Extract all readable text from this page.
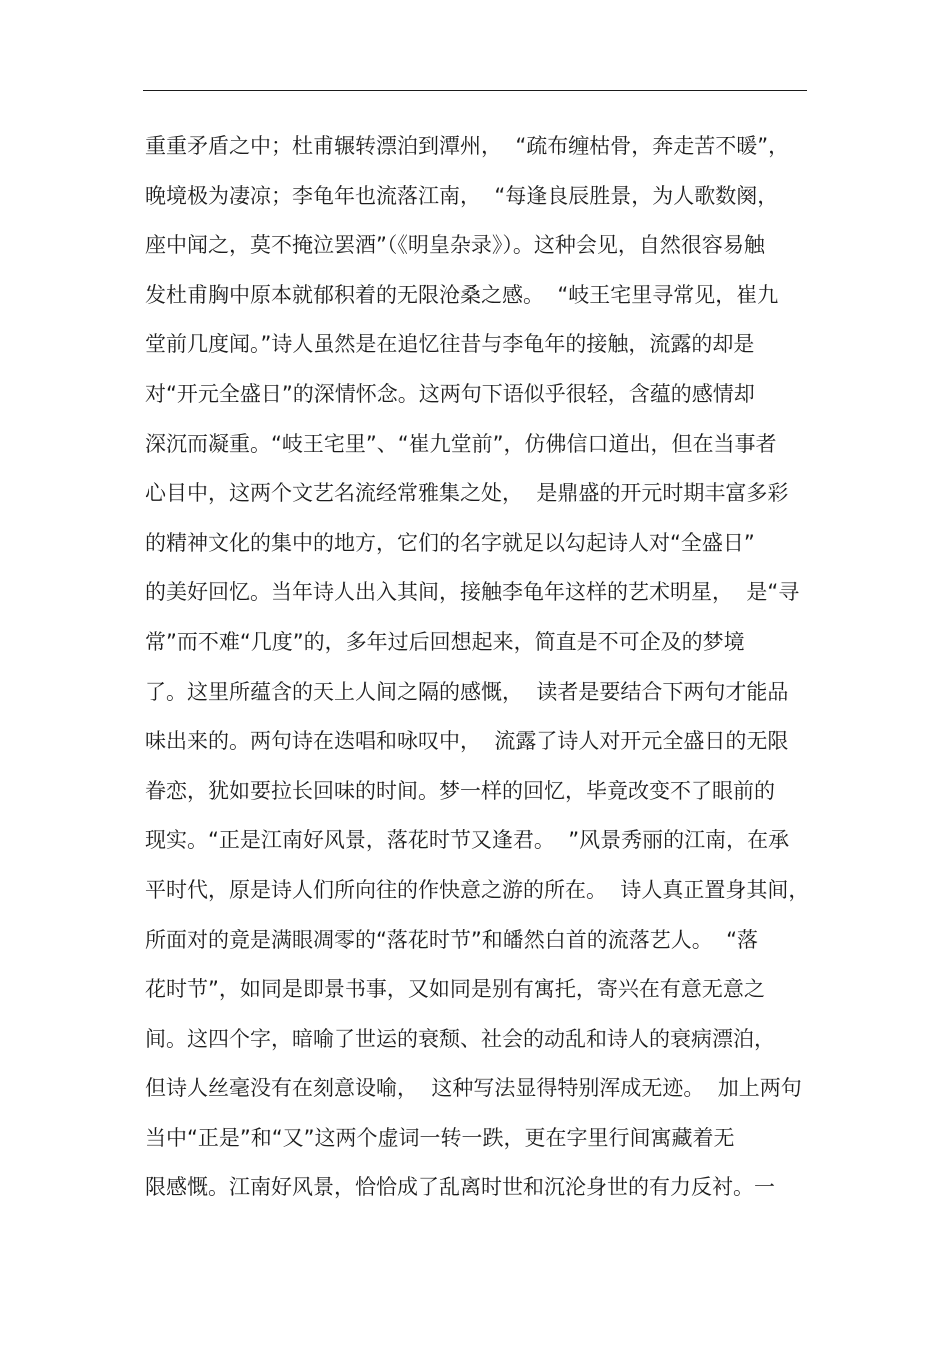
重重矛盾之中；杜甫辗转漂泊到潭州，  “疏布缠枯骨，奔走苦不暖”，
晚境极为凄凉；李龟年也流落江南，  “每逢良辰胜景，为人歌数阕，
座中闻之，莫不掩泣罢酒”（《明皇杂录》）。这种会见，自然很容易触
发杜甫胸中原本就郁积着的无限沧桑之感。  “岐王宅里寻常见，崔九
堂前几度闻。”诗人虽然是在追忆往昔与李龟年的接触，流露的却是
对“开元全盛日”的深情怀念。这两句下语似乎很轻，含蕴的感情却
深沉而凝重。“岐王宅里”、“崔九堂前”，仿佛信口道出，但在当事者
心目中，这两个文艺名流经常雅集之处，  是鼎盛的开元时期丰富多彩
的精神文化的集中的地方，它们的名字就足以勾起诗人对“全盛日”
的美好回忆。当年诗人出入其间，接触李龟年这样的艺术明星，  是“寻
常”而不难“几度”的，多年过后回想起来，简直是不可企及的梦境
了。这里所蕴含的天上人间之隔的感慨，  读者是要结合下两句才能品
味出来的。两句诗在迭唱和咏叹中，  流露了诗人对开元全盛日的无限
眷恋，犹如要拉长回味的时间。梦一样的回忆，毕竟改变不了眼前的
现实。“正是江南好风景，落花时节又逢君。  ”风景秀丽的江南，在承
平时代，原是诗人们所向往的作快意之游的所在。  诗人真正置身其间，
所面对的竟是满眼凋零的“落花时节”和皤然白首的流落艺人。  “落
花时节”，如同是即景书事，又如同是别有寓托，寄兴在有意无意之
间。这四个字，暗喻了世运的衰颓、社会的动乱和诗人的衰病漂泊，
但诗人丝毫没有在刻意设喻，  这种写法显得特别浑成无迹。  加上两句
当中“正是”和“又”这两个虚词一转一跌，更在字里行间寓藏着无
限感慨。江南好风景，恰恰成了乱离时世和沉沦身世的有力反衬。一
